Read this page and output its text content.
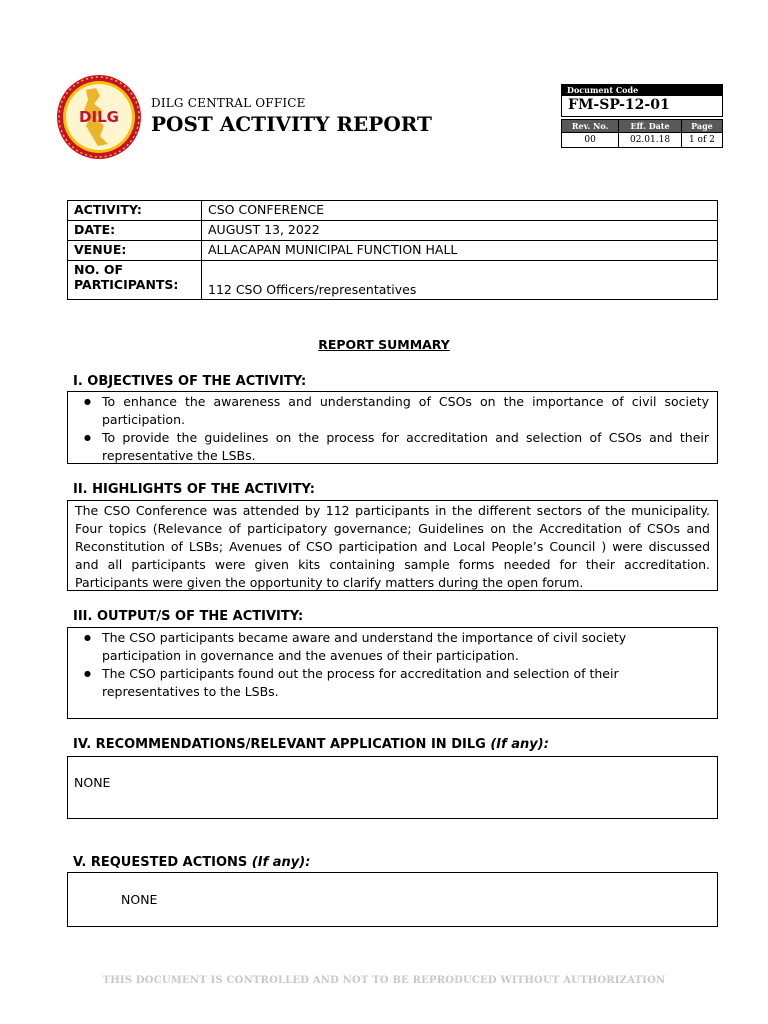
DILG
DILG CENTRAL OFFICE
POST ACTIVITY REPORT
Document Code
FM-SP-12-01
Rev. No.	Eff. Date	Page
00	02.01.18	1 of 2
ACTIVITY:	CSO CONFERENCE
DATE:	AUGUST 13, 2022
VENUE:	ALLACAPAN MUNICIPAL FUNCTION HALL

NO. OF
PARTICIPANTS:	112 CSO Officers/representatives
REPORT SUMMARY
I. OBJECTIVES OF THE ACTIVITY:
● To enhance the awareness and understanding of CSOs on the importance of civil society participation.
● To provide the guidelines on the process for accreditation and selection of CSOs and their representative the LSBs.
II. HIGHLIGHTS OF THE ACTIVITY:
The CSO Conference was attended by 112 participants in the different sectors of the municipality. Four topics (Relevance of participatory governance; Guidelines on the Accreditation of CSOs and Reconstitution of LSBs; Avenues of CSO participation and Local People’s Council ) were discussed and all participants were given kits containing sample forms needed for their accreditation. Participants were given the opportunity to clarify matters during the open forum.
III. OUTPUT/S OF THE ACTIVITY:
● The CSO participants became aware and understand the importance of civil society participation in governance and the avenues of their participation.
● The CSO participants found out the process for accreditation and selection of their representatives to the LSBs.
IV. RECOMMENDATIONS/RELEVANT APPLICATION IN DILG (If any):
NONE
V. REQUESTED ACTIONS (If any):
NONE
THIS DOCUMENT IS CONTROLLED AND NOT TO BE REPRODUCED WITHOUT AUTHORIZATION
